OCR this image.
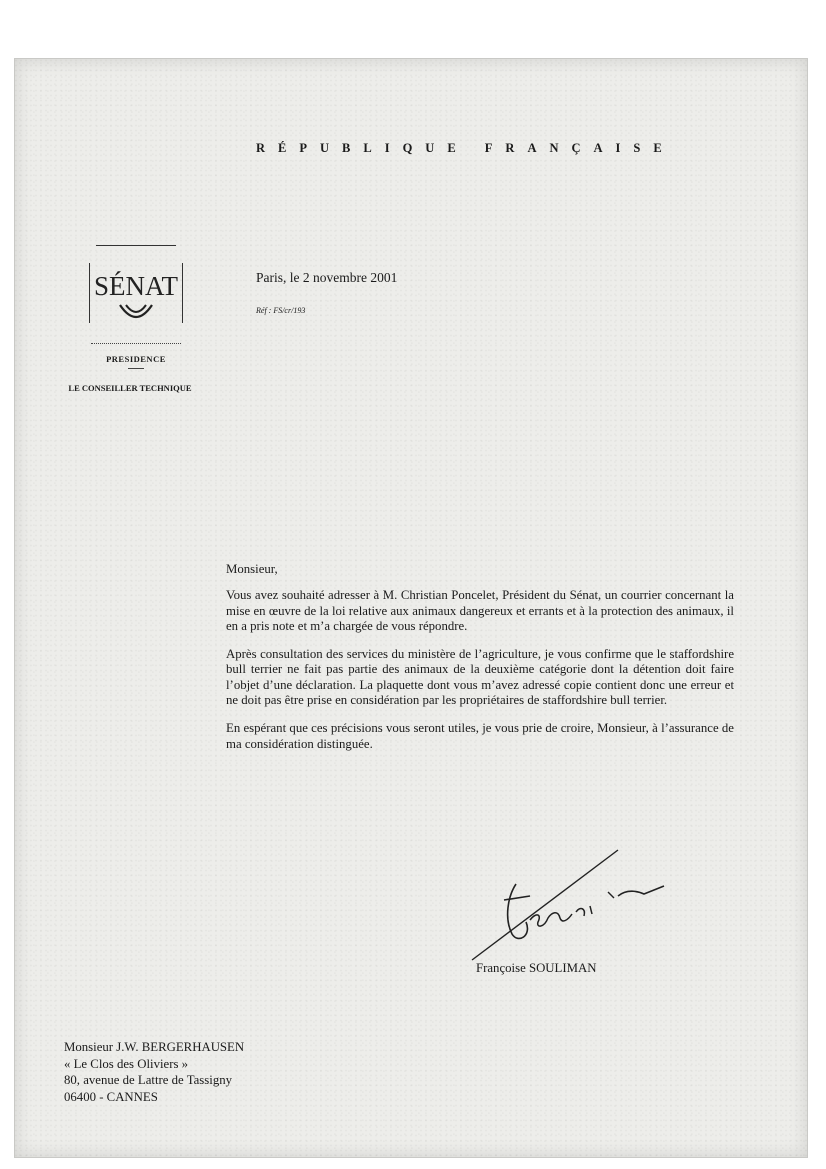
RÉPUBLIQUE FRANÇAISE
SÉNAT
PRESIDENCE
LE CONSEILLER TECHNIQUE
Paris, le 2 novembre 2001
Réf : FS/cr/193

Monsieur,

Vous avez souhaité adresser à M. Christian Poncelet, Président du Sénat, un courrier concernant la mise en œuvre de la loi relative aux animaux dangereux et errants et à la protection des animaux, il en a pris note et m’a chargée de vous répondre.

Après consultation des services du ministère de l’agriculture, je vous confirme que le staffordshire bull terrier ne fait pas partie des animaux de la deuxième catégorie dont la détention doit faire l’objet d’une déclaration. La plaquette dont vous m’avez adressé copie contient donc une erreur et ne doit pas être prise en considération par les propriétaires de staffordshire bull terrier.

En espérant que ces précisions vous seront utiles, je vous prie de croire, Monsieur, à l’assurance de ma considération distinguée.

Françoise SOULIMAN
Monsieur J.W. BERGERHAUSEN
« Le Clos des Oliviers »
80, avenue de Lattre de Tassigny
06400 - CANNES
